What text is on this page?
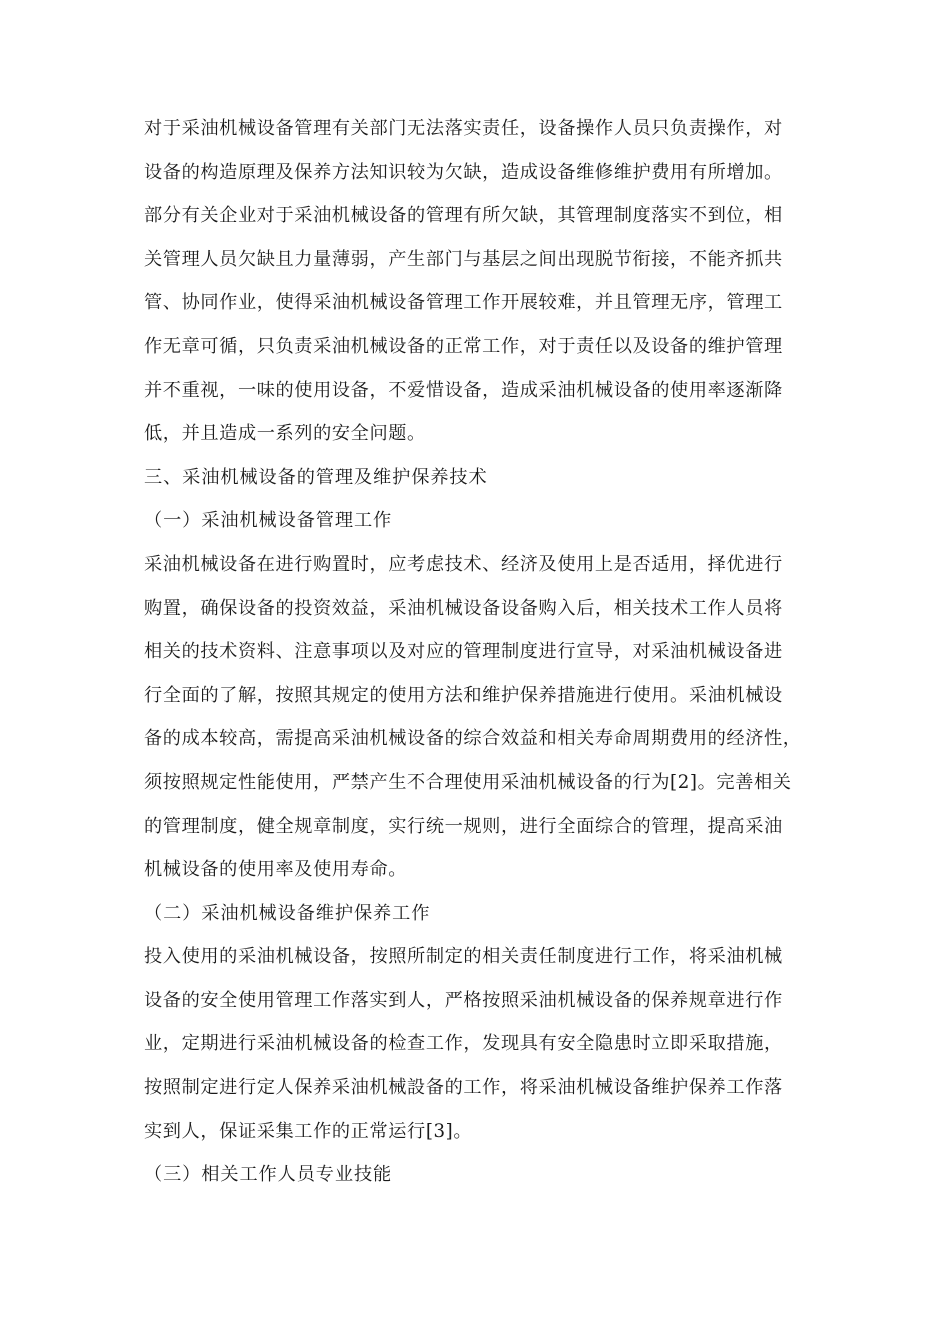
对于采油机械设备管理有关部门无法落实责任，设备操作人员只负责操作，对
设备的构造原理及保养方法知识较为欠缺，造成设备维修维护费用有所增加。
部分有关企业对于采油机械设备的管理有所欠缺，其管理制度落实不到位，相
关管理人员欠缺且力量薄弱，产生部门与基层之间出现脱节衔接，不能齐抓共
管、协同作业，使得采油机械设备管理工作开展较难，并且管理无序，管理工
作无章可循，只负责采油机械设备的正常工作，对于责任以及设备的维护管理
并不重视，一味的使用设备，不爱惜设备，造成采油机械设备的使用率逐渐降
低，并且造成一系列的安全问题。
三、采油机械设备的管理及维护保养技术
（一）采油机械设备管理工作
采油机械设备在进行购置时，应考虑技术、经济及使用上是否适用，择优进行
购置，确保设备的投资效益，采油机械设备设备购入后，相关技术工作人员将
相关的技术资料、注意事项以及对应的管理制度进行宣导，对采油机械设备进
行全面的了解，按照其规定的使用方法和维护保养措施进行使用。采油机械设
备的成本较高，需提高采油机械设备的综合效益和相关寿命周期费用的经济性，
须按照规定性能使用，严禁产生不合理使用采油机械设备的行为[2]。完善相关
的管理制度，健全规章制度，实行统一规则，进行全面综合的管理，提高采油
机械设备的使用率及使用寿命。
（二）采油机械设备维护保养工作
投入使用的采油机械设备，按照所制定的相关责任制度进行工作，将采油机械
设备的安全使用管理工作落实到人，严格按照采油机械设备的保养规章进行作
业，定期进行采油机械设备的检查工作，发现具有安全隐患时立即采取措施，
按照制定进行定人保养采油机械設备的工作，将采油机械设备维护保养工作落
实到人，保证采集工作的正常运行[3]。
（三）相关工作人员专业技能
